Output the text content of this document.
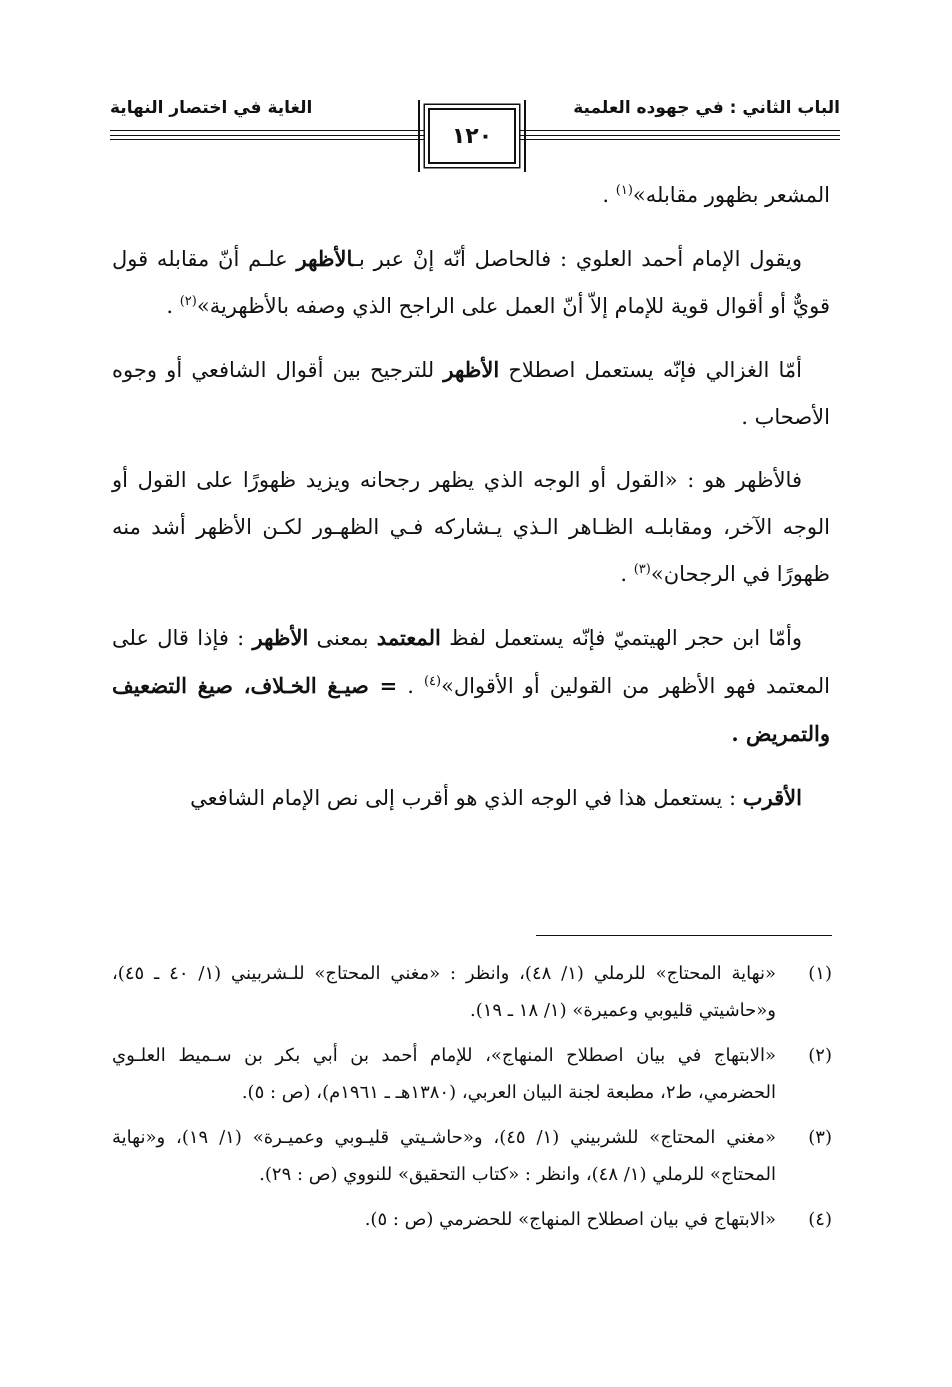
الغاية في اختصار النهاية	الباب الثاني : في جهوده العلمية
١٢٠

المشعر بظهور مقابله»$^{(١)}$ .

ويقول الإمام أحمد العلوي : فالحاصل أنّه إنْ عبر بـالأظهر علـم أنّ مقابله قول قويٌّ أو أقوال قوية للإمام إلاّ أنّ العمل على الراجح الذي وصفه بالأظهرية»$^{(٢)}$ .

أمّا الغزالي فإنّه يستعمل اصطلاح الأظهر للترجيح بين أقوال الشافعي أو وجوه الأصحاب .

فالأظهر هو : «القول أو الوجه الذي يظهر رجحانه ويزيد ظهورًا على القول أو الوجه الآخر، ومقابلـه الظـاهر الـذي يـشاركه فـي الظهـور لكـن الأظهر أشد منه ظهورًا في الرجحان»$^{(٣)}$ .

وأمّا ابن حجر الهيتميّ فإنّه يستعمل لفظ المعتمد بمعنى الأظهر : فإذا قال على المعتمد فهو الأظهر من القولين أو الأقوال»$^{(٤)}$ . = صيـغ الخـلاف، صيغ التضعيف والتمريض .

الأقرب : يستعمل هذا في الوجه الذي هو أقرب إلى نص الإمام الشافعي

(١)
«نهاية المحتاج» للرملي (١/ ٤٨)، وانظر : «مغني المحتاج» للـشربيني (١/ ٤٠ ـ ٤٥)، و«حاشيتي قليوبي وعميرة» (١/ ١٨ ـ ١٩).
(٢)
«الابتهاج في بيان اصطلاح المنهاج»، للإمام أحمد بن أبي بكر بن سـميط العلـوي الحضرمي، ط٢، مطبعة لجنة البيان العربي، (١٣٨٠هـ ـ ١٩٦١م)، (ص : ٥).
(٣)
«مغني المحتاج» للشربيني (١/ ٤٥)، و«حاشـيتي قليـوبي وعميـرة» (١/ ١٩)، و«نهاية المحتاج» للرملي (١/ ٤٨)، وانظر : «كتاب التحقيق» للنووي (ص : ٢٩).
(٤)
«الابتهاج في بيان اصطلاح المنهاج» للحضرمي (ص : ٥).
